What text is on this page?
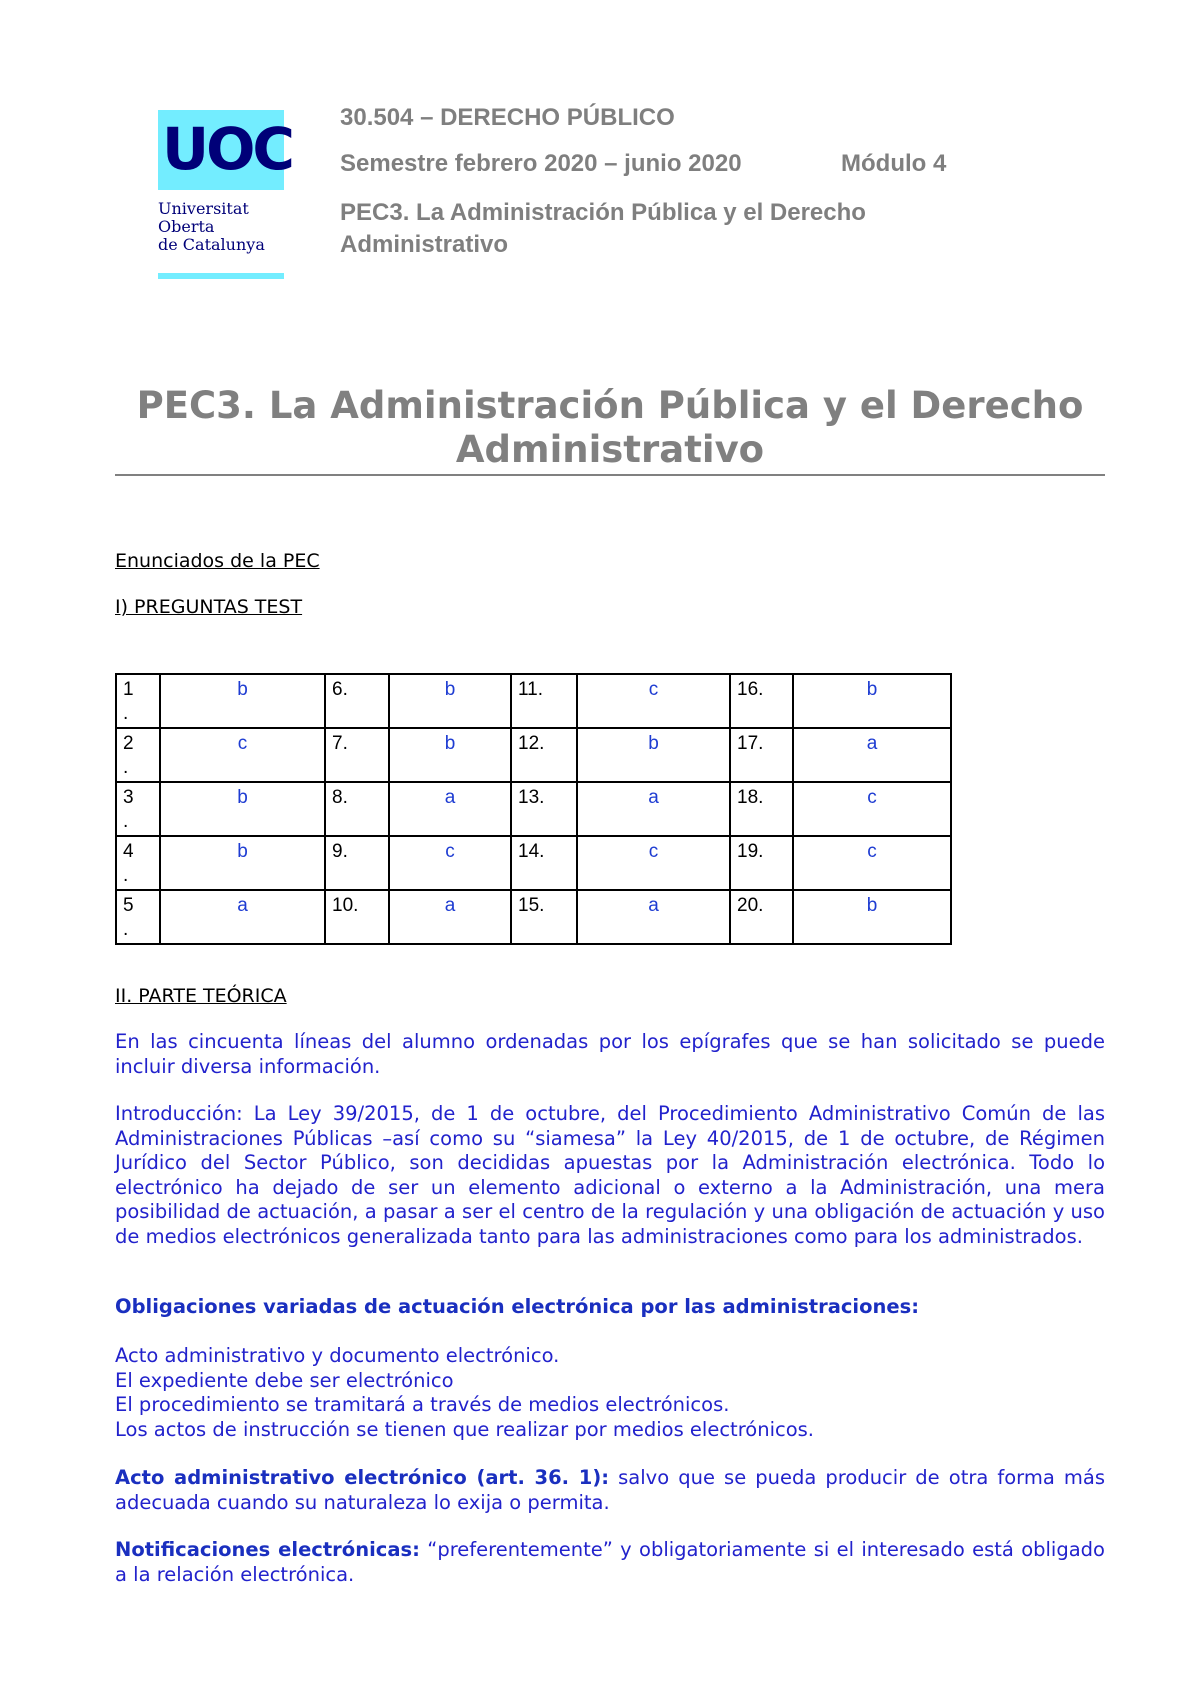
UOC
Universitat
Oberta
de Catalunya
30.504 – DERECHO PÚBLICO
Semestre febrero 2020 – junio 2020	Módulo 4
PEC3. La Administración Pública y el Derecho Administrativo
PEC3. La Administración Pública y el Derecho
Administrativo
Enunciados de la PEC
I) PREGUNTAS TEST
1
.	b	6.	b	11.	c	16.	b
2
.	c	7.	b	12.	b	17.	a
3
.	b	8.	a	13.	a	18.	c
4
.	b	9.	c	14.	c	19.	c
5
.	a	10.	a	15.	a	20.	b
II. PARTE TEÓRICA

En las cincuenta líneas del alumno ordenadas por los epígrafes que se han solicitado se puede incluir diversa información.

Introducción: La Ley 39/2015, de 1 de octubre, del Procedimiento Administrativo Común de las Administraciones Públicas –así como su “siamesa” la Ley 40/2015, de 1 de octubre, de Régimen Jurídico del Sector Público, son decididas apuestas por la Administración electrónica. Todo lo electrónico ha dejado de ser un elemento adicional o externo a la Administración, una mera posibilidad de actuación, a pasar a ser el centro de la regulación y una obligación de actuación y uso de medios electrónicos generalizada tanto para las administraciones como para los administrados.

Obligaciones variadas de actuación electrónica por las administraciones:

Acto administrativo y documento electrónico.
El expediente debe ser electrónico
El procedimiento se tramitará a través de medios electrónicos.
Los actos de instrucción se tienen que realizar por medios electrónicos.

Acto administrativo electrónico (art. 36. 1): salvo que se pueda producir de otra forma más adecuada cuando su naturaleza lo exija o permita.

Notificaciones electrónicas: “preferentemente” y obligatoriamente si el interesado está obligado a la relación electrónica.
